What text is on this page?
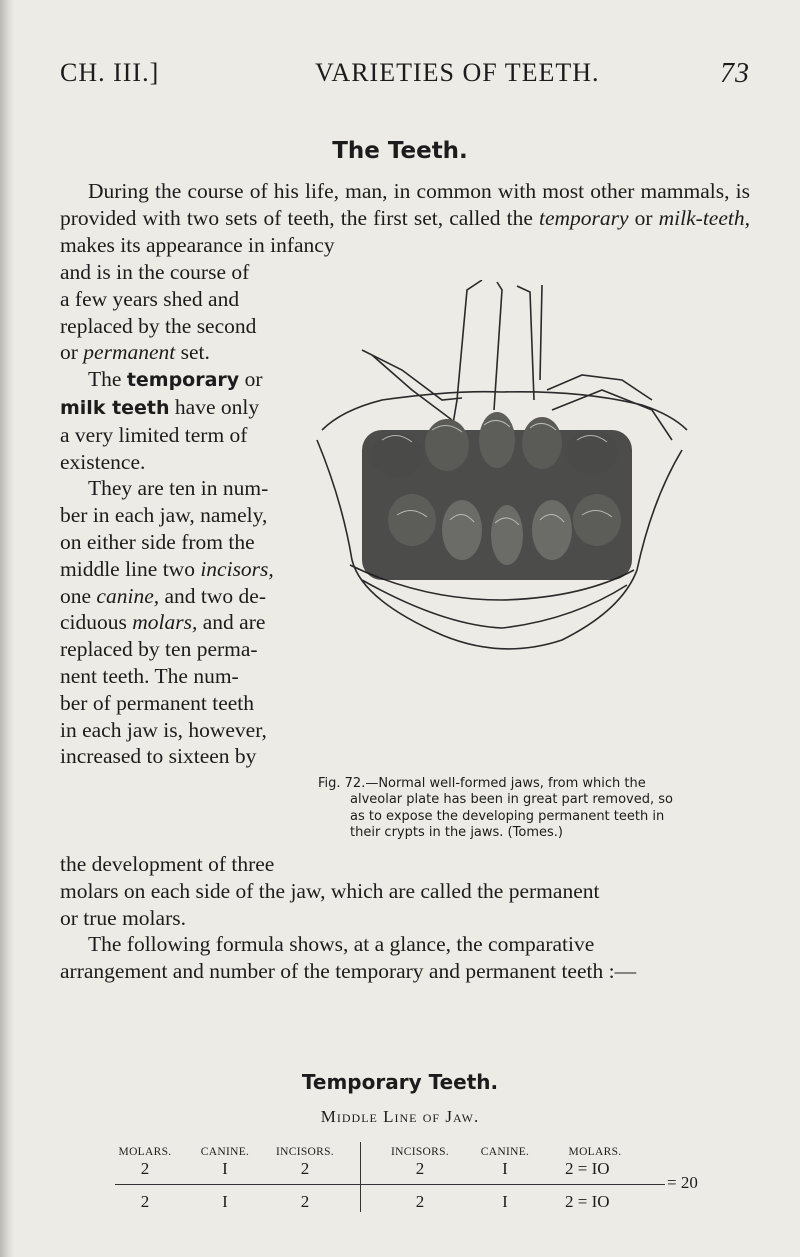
CH. III.]	VARIETIES OF TEETH.	73
The Teeth.

During the course of his life, man, in common with most other mammals, is provided with two sets of teeth, the first set, called the temporary or milk-teeth, makes its appearance in infancy

and is in the course of
a few years shed and
replaced by the second
or permanent set.
The temporary or
milk teeth have only
a very limited term of
existence.
They are ten in num-
ber in each jaw, namely,
on either side from the
middle line two incisors,
one canine, and two de-
ciduous molars, and are
replaced by ten perma-
nent teeth. The num-
ber of permanent teeth
in each jaw is, however,
increased to sixteen by
Fig. 72.—Normal well-formed jaws, from which the
alveolar plate has been in great part removed, so
as to expose the developing permanent teeth in
their crypts in the jaws. (Tomes.)
the development of three
molars on each side of the jaw, which are called the permanent
or true molars.
The following formula shows, at a glance, the comparative
arrangement and number of the temporary and permanent teeth :—
Temporary Teeth.
Middle Line of Jaw.
MOLARS.	CANINE.	INCISORS.	INCISORS.	CANINE.	MOLARS.
2	I	2	2	I	2 = IO
= 20
2	I	2	2	I	2 = IO
